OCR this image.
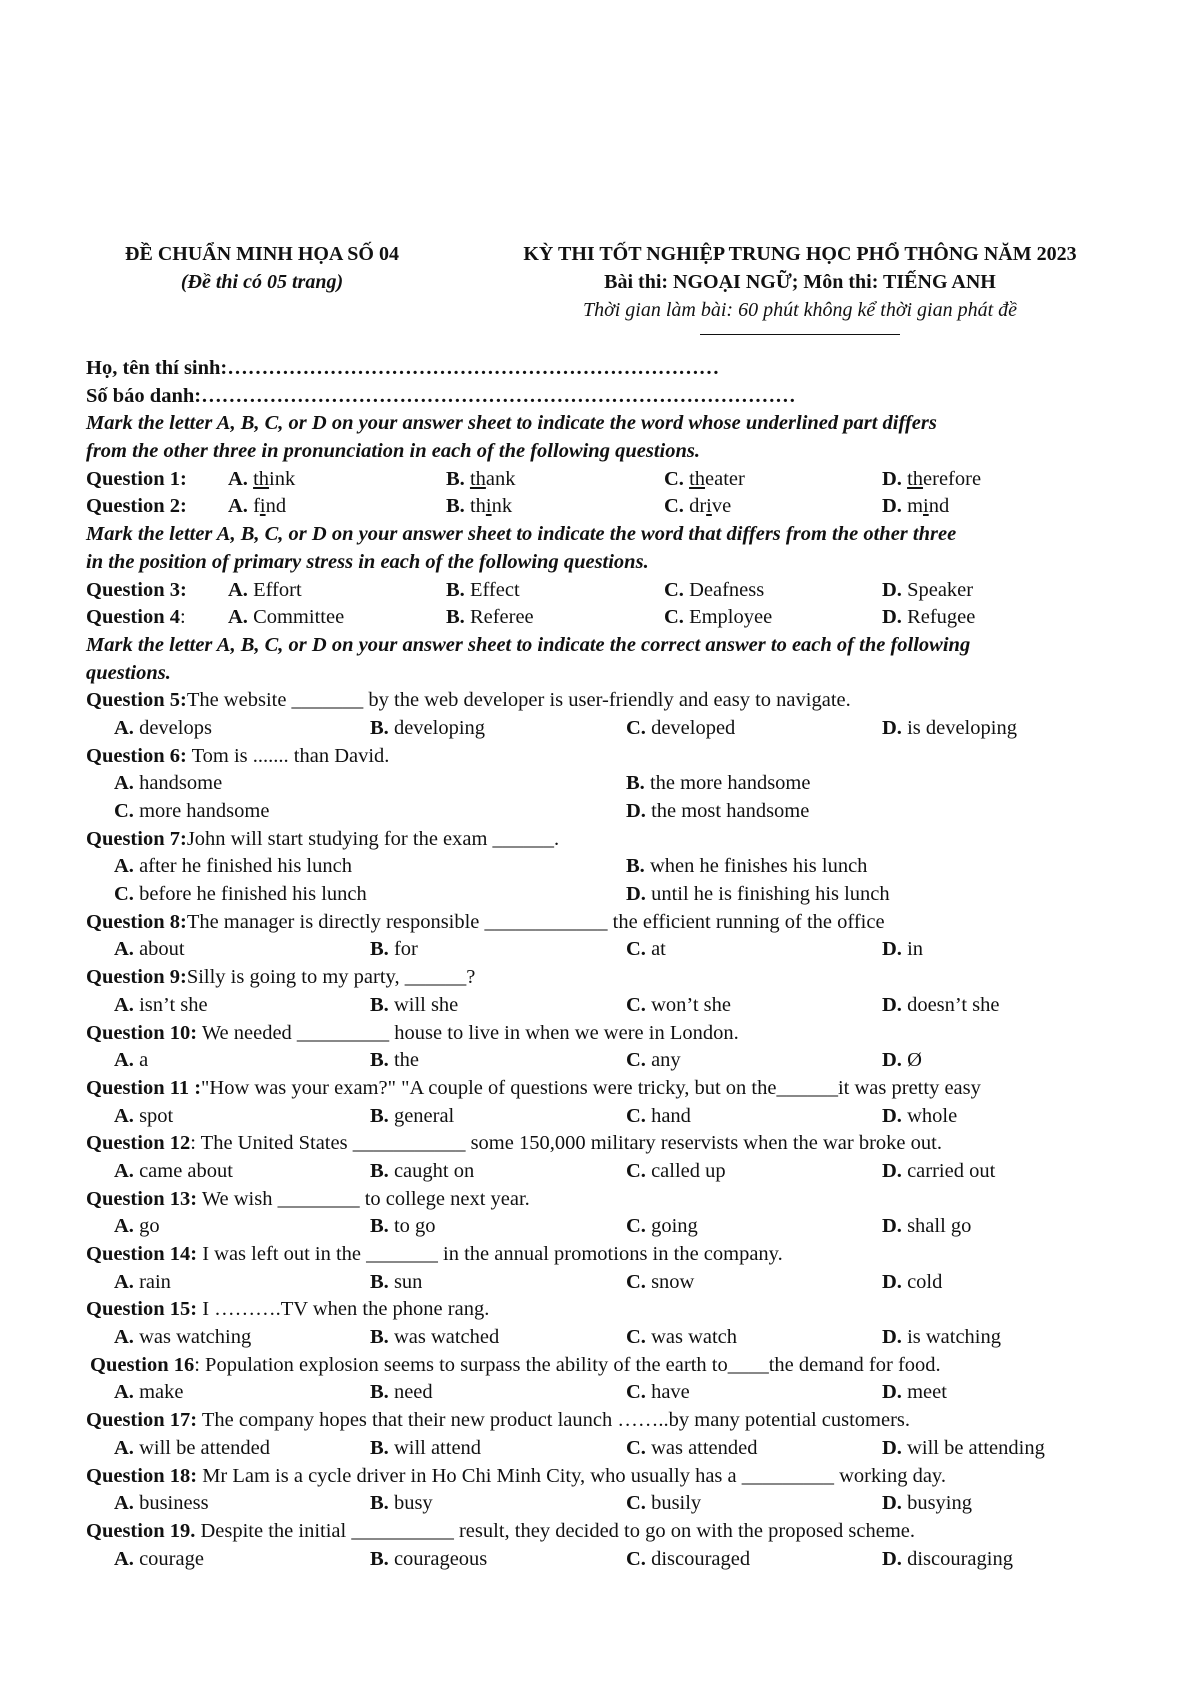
ĐỀ CHUẨN MINH HỌA SỐ 04
(Đề thi có 05 trang)
KỲ THI TỐT NGHIỆP TRUNG HỌC PHỔ THÔNG NĂM 2023
Bài thi: NGOẠI NGỮ; Môn thi: TIẾNG ANH
Thời gian làm bài: 60 phút không kể thời gian phát đề
Họ, tên thí sinh:………………………………………………………………
Số báo danh:……………………………………………………………………………
Mark the letter A, B, C, or D on your answer sheet to indicate the word whose underlined part differs
from the other three in pronunciation in each of the following questions.
Question 1: A. think	B. thank	C. theater	D. therefore
Question 2: A. find	B. think	C. drive	D. mind
Mark the letter A, B, C, or D on your answer sheet to indicate the word that differs from the other three
in the position of primary stress in each of the following questions.
Question 3: A. Effort	B. Effect	C. Deafness	D. Speaker
Question 4: A. Committee	B. Referee	C. Employee	D. Refugee
Mark the letter A, B, C, or D on your answer sheet to indicate the correct answer to each of the following
questions.
Question 5:The website _______ by the web developer is user-friendly and easy to navigate.
A. develops	B. developing	C. developed	D. is developing
Question 6: Tom is ....... than David.
A. handsome	B. the more handsome
C. more handsome	D. the most handsome
Question 7:John will start studying for the exam ______.
A. after he finished his lunch	B. when he finishes his lunch
C. before he finished his lunch	D. until he is finishing his lunch
Question 8:The manager is directly responsible ____________ the efficient running of the office
A. about	B. for	C. at	D. in
Question 9:Silly is going to my party, ______?
A. isn’t she	B. will she	C. won’t she	D. doesn’t she
Question 10: We needed _________ house to live in when we were in London.
A. a	B. the	C. any	D. Ø
Question 11 :"How was your exam?" "A couple of questions were tricky, but on the______it was pretty easy
A. spot	B. general	C. hand	D. whole
Question 12: The United States ___________ some 150,000 military reservists when the war broke out.
A. came about	B. caught on	C. called up	D. carried out
Question 13: We wish ________ to college next year.
A. go	B. to go	C. going	D. shall go
Question 14: I was left out in the _______ in the annual promotions in the company.
A. rain	B. sun	C. snow	D. cold
Question 15: I ……….TV when the phone rang.
A. was watching	B. was watched	C. was watch	D. is watching
Question 16: Population explosion seems to surpass the ability of the earth to____the demand for food.
A. make	B. need	C. have	D. meet
Question 17: The company hopes that their new product launch ……..by many potential customers.
A. will be attended	B. will attend	C. was attended	D. will be attending
Question 18: Mr Lam is a cycle driver in Ho Chi Minh City, who usually has a _________ working day.
A. business	B. busy	C. busily	D. busying
Question 19. Despite the initial __________ result, they decided to go on with the proposed scheme.
A. courage	B. courageous	C. discouraged	D. discouraging
